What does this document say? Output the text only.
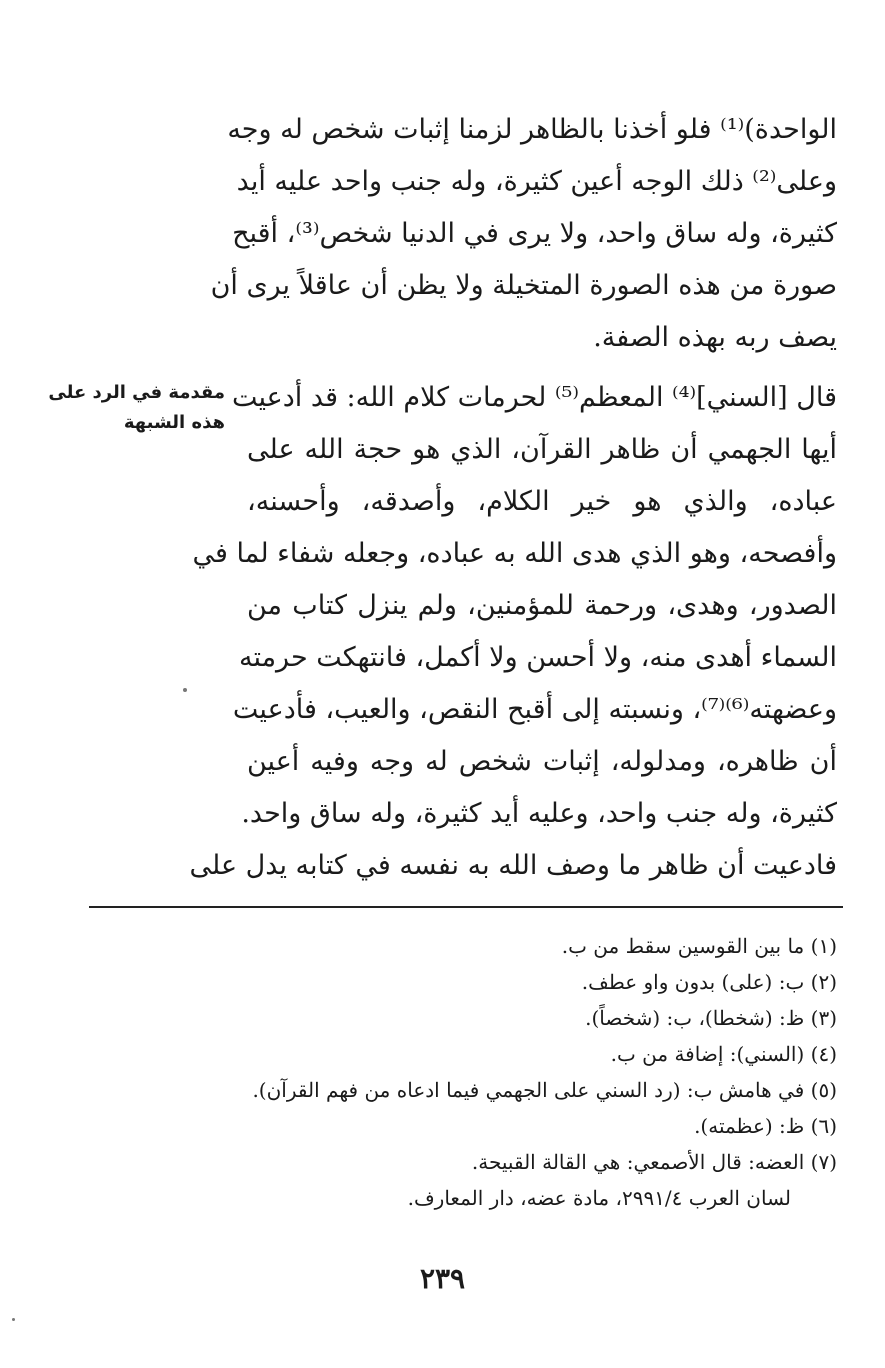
الواحدة)⁽¹⁾ فلو أخذنا بالظاهر لزمنا إثبات شخص له وجه
وعلى⁽²⁾ ذلك الوجه أعين كثيرة، وله جنب واحد عليه أيد
كثيرة، وله ساق واحد، ولا يرى في الدنيا شخص⁽³⁾، أقبح
صورة من هذه الصورة المتخيلة ولا يظن أن عاقلاً يرى أن
يصف ربه بهذه الصفة.
مقدمة في الرد على
هذه الشبهة
قال [السني]⁽⁴⁾ المعظم⁽⁵⁾ لحرمات كلام الله: قد أدعيت
أيها الجهمي أن ظاهر القرآن، الذي هو حجة الله على
عباده، والذي هو خير الكلام، وأصدقه، وأحسنه،
وأفصحه، وهو الذي هدى الله به عباده، وجعله شفاء لما في
الصدور، وهدى، ورحمة للمؤمنين، ولم ينزل كتاب من
السماء أهدى منه، ولا أحسن ولا أكمل، فانتهكت حرمته
وعضهته⁽⁶⁾⁽⁷⁾، ونسبته إلى أقبح النقص، والعيب، فأدعيت
أن ظاهره، ومدلوله، إثبات شخص له وجه وفيه أعين
كثيرة، وله جنب واحد، وعليه أيد كثيرة، وله ساق واحد.
فادعيت أن ظاهر ما وصف الله به نفسه في كتابه يدل على
(١) ما بين القوسين سقط من ب.
(٢) ب: (على) بدون واو عطف.
(٣) ظ: (شخطا)، ب: (شخصاً).
(٤) (السني): إضافة من ب.
(٥) في هامش ب: (رد السني على الجهمي فيما ادعاه من فهم القرآن).
(٦) ظ: (عظمته).
(٧) العضه: قال الأصمعي: هي القالة القبيحة.
لسان العرب ٢٩٩١/٤، مادة عضه، دار المعارف.
٢٣٩
